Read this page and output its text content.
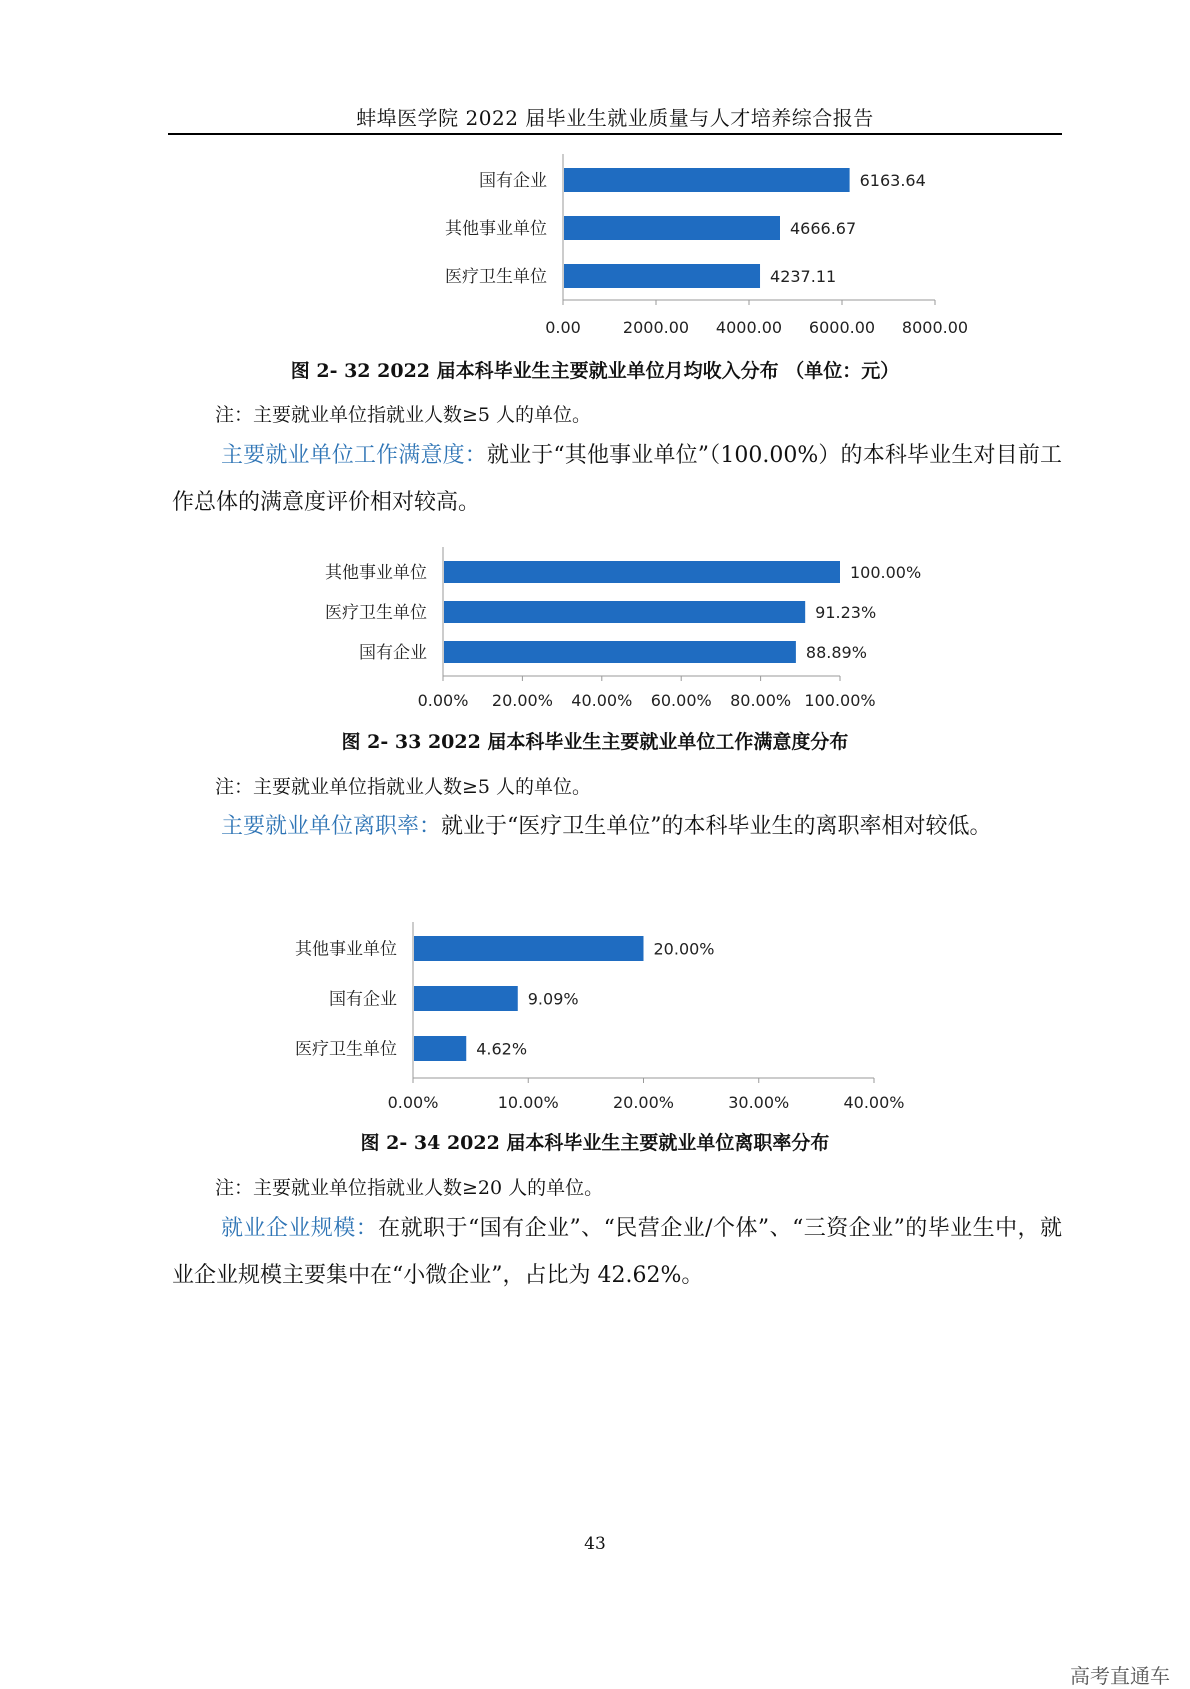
蚌埠医学院 2022 届毕业生就业质量与人才培养综合报告
0.00	2000.00 4000.00 6000.00 8000.00
国有企业	6163.64
其他事业单位	4666.67
医疗卫生单位	4237.11
0.00% 20.00% 40.00% 60.00% 80.00% 100.00%
其他事业单位	100.00%
医疗卫生单位	91.23%
国有企业	88.89%
0.00%	10.00%	20.00%	30.00%	40.00%
其他事业单位	20.00%
国有企业	9.09%
医疗卫生单位	4.62%
图 2- 32 2022 届本科毕业生主要就业单位月均收入分布 （单位：元）
注：主要就业单位指就业人数≥5 人的单位。
主要就业单位工作满意度：就业于“其他事业单位”（100.00%）的本科毕业生对目前工作总体的满意度评价相对较高。
图 2- 33 2022 届本科毕业生主要就业单位工作满意度分布
注：主要就业单位指就业人数≥5 人的单位。
主要就业单位离职率：就业于“医疗卫生单位”的本科毕业生的离职率相对较低。
图 2- 34 2022 届本科毕业生主要就业单位离职率分布
注：主要就业单位指就业人数≥20 人的单位。
就业企业规模：在就职于“国有企业”、“民营企业/个体”、“三资企业”的毕业生中，就业企业规模主要集中在“小微企业”，占比为 42.62%。
43
高考直通车
